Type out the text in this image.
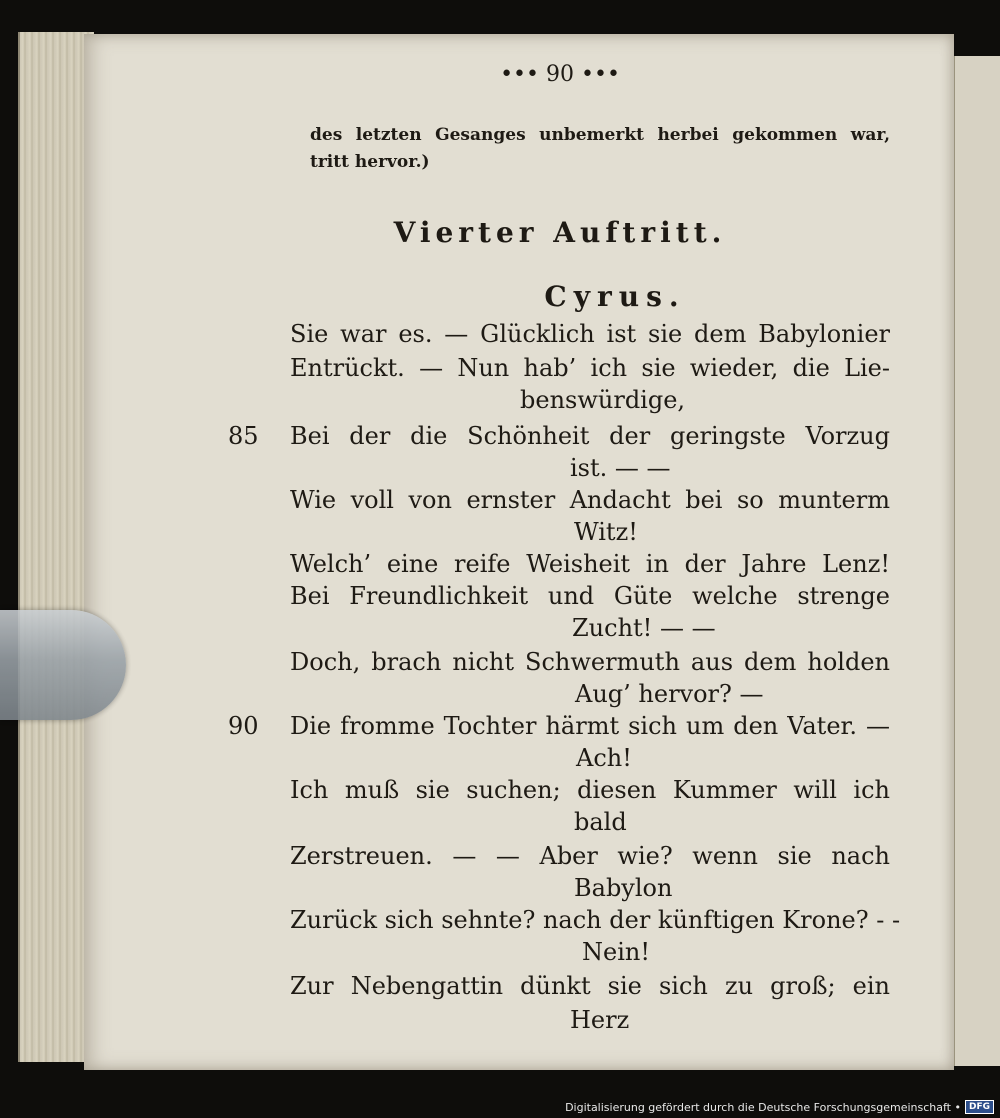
••• 90 •••
des letzten Gesanges unbemerkt herbei gekommen war,
tritt hervor.)
Vierter Auftritt.
Cyrus.
Sie war es. — Glücklich ist sie dem Babylonier
Entrückt. — Nun hab’ ich sie wieder, die Lie-
benswürdige,
85	Bei der die Schönheit der geringste Vorzug
ist. — —
Wie voll von ernster Andacht bei so munterm
Witz!
Welch’ eine reife Weisheit in der Jahre Lenz!
Bei Freundlichkeit und Güte welche strenge
Zucht! — —
Doch, brach nicht Schwermuth aus dem holden
Aug’ hervor? —
90	Die fromme Tochter härmt sich um den Vater. —
Ach!
Ich muß sie suchen; diesen Kummer will ich
bald
Zerstreuen. — — Aber wie? wenn sie nach
Babylon
Zurück sich sehnte? nach der künftigen Krone? - -
Nein!
Zur Nebengattin dünkt sie sich zu groß; ein
Herz
Digitalisierung gefördert durch die Deutsche Forschungsgemeinschaft • DFG
